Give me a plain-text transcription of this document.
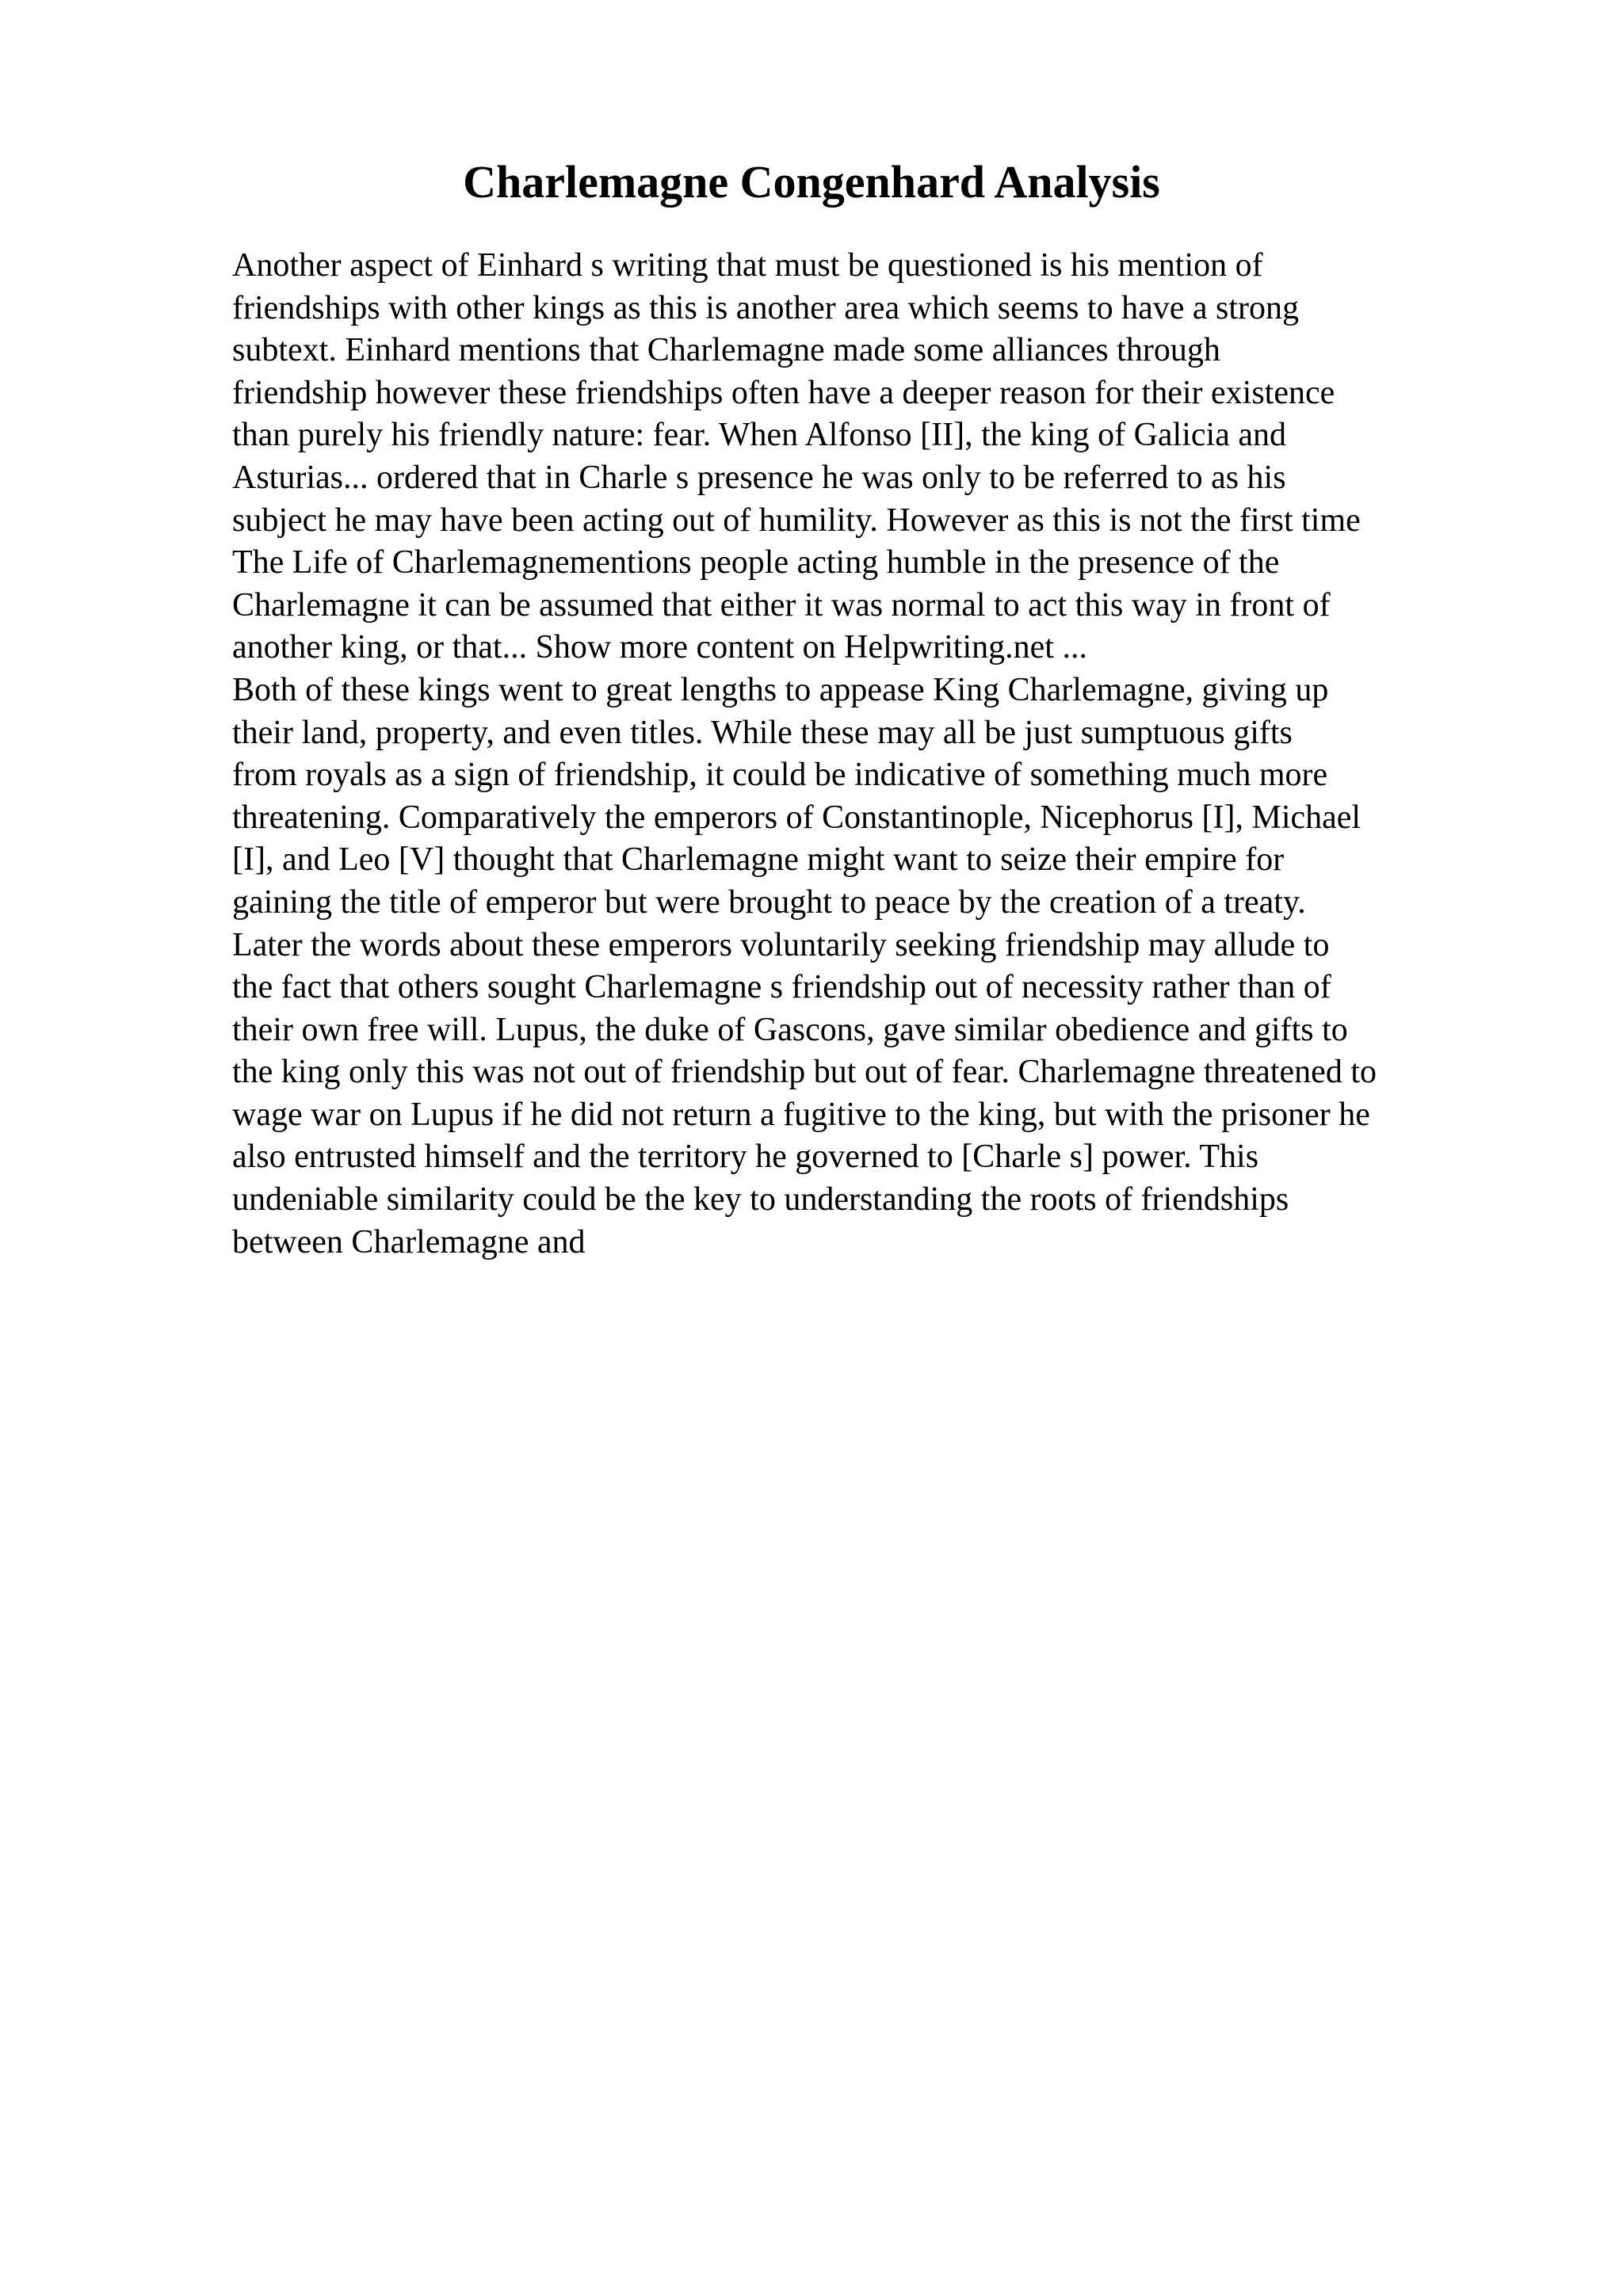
Charlemagne Congenhard Analysis
Another aspect of Einhard s writing that must be questioned is his mention of
friendships with other kings as this is another area which seems to have a strong
subtext. Einhard mentions that Charlemagne made some alliances through
friendship however these friendships often have a deeper reason for their existence
than purely his friendly nature: fear. When Alfonso [II], the king of Galicia and
Asturias... ordered that in Charle s presence he was only to be referred to as his
subject he may have been acting out of humility. However as this is not the first time
The Life of Charlemagnementions people acting humble in the presence of the
Charlemagne it can be assumed that either it was normal to act this way in front of
another king, or that... Show more content on Helpwriting.net ...
Both of these kings went to great lengths to appease King Charlemagne, giving up
their land, property, and even titles. While these may all be just sumptuous gifts
from royals as a sign of friendship, it could be indicative of something much more
threatening. Comparatively the emperors of Constantinople, Nicephorus [I], Michael
[I], and Leo [V] thought that Charlemagne might want to seize their empire for
gaining the title of emperor but were brought to peace by the creation of a treaty.
Later the words about these emperors voluntarily seeking friendship may allude to
the fact that others sought Charlemagne s friendship out of necessity rather than of
their own free will. Lupus, the duke of Gascons, gave similar obedience and gifts to
the king only this was not out of friendship but out of fear. Charlemagne threatened to
wage war on Lupus if he did not return a fugitive to the king, but with the prisoner he
also entrusted himself and the territory he governed to [Charle s] power. This
undeniable similarity could be the key to understanding the roots of friendships
between Charlemagne and
